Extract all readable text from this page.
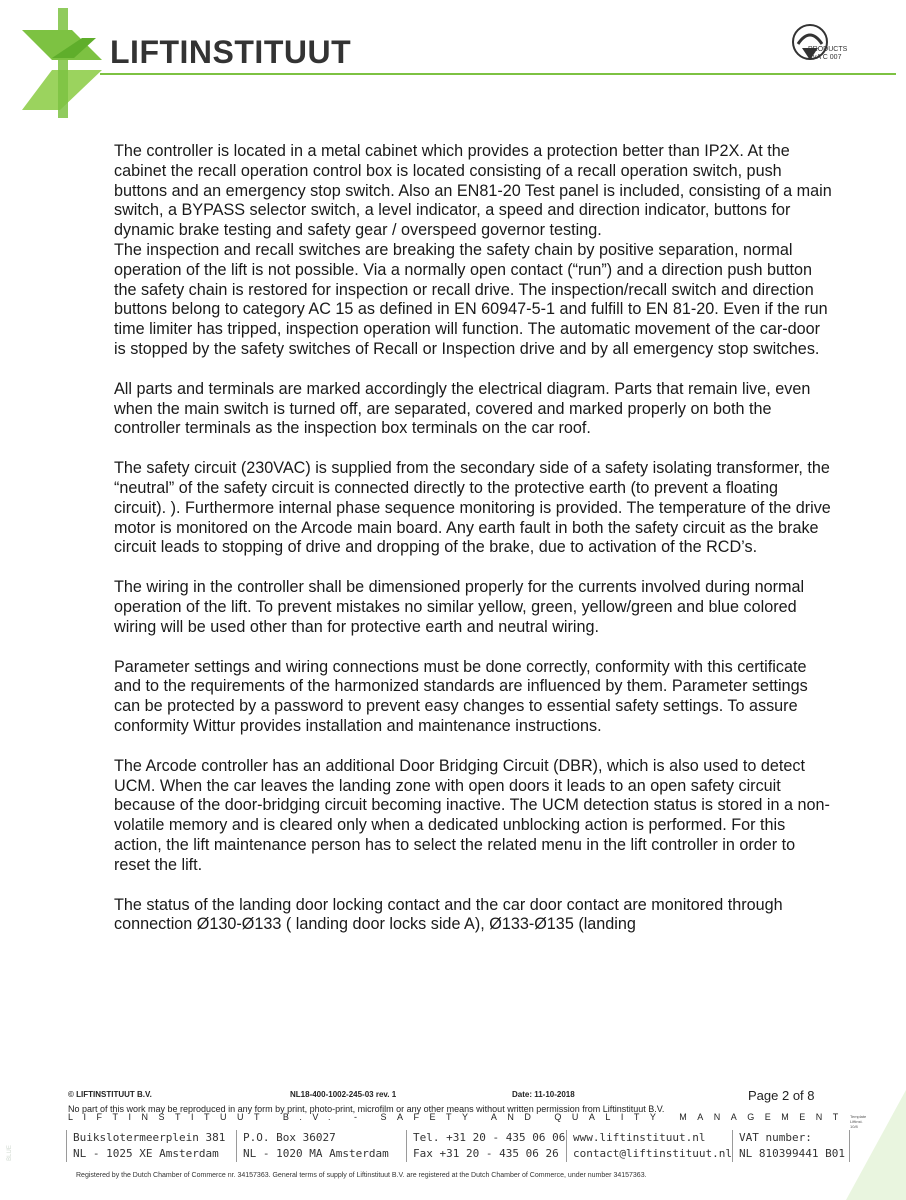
LIFTINSTITUUT	PRODUCTS
RvA C 007

The controller is located in a metal cabinet which provides a protection better than IP2X. At the cabinet the recall operation control box is located consisting of a recall operation switch, push buttons and an emergency stop switch. Also an EN81-20 Test panel is included, consisting of a main switch, a BYPASS selector switch, a level indicator, a speed and direction indicator, buttons for dynamic brake testing and safety gear / overspeed governor testing.
The inspection and recall switches are breaking the safety chain by positive separation, normal operation of the lift is not possible. Via a normally open contact (“run”) and a direction push button the safety chain is restored for inspection or recall drive. The inspection/recall switch and direction buttons belong to category AC 15 as defined in EN 60947-5-1 and fulfill to EN 81-20. Even if the run time limiter has tripped, inspection operation will function. The automatic movement of the car-door is stopped by the safety switches of Recall or Inspection drive and by all emergency stop switches.

All parts and terminals are marked accordingly the electrical diagram. Parts that remain live, even when the main switch is turned off, are separated, covered and marked properly on both the controller terminals as the inspection box terminals on the car roof.

The safety circuit (230VAC) is supplied from the secondary side of a safety isolating transformer, the “neutral” of the safety circuit is connected directly to the protective earth (to prevent a floating circuit). ). Furthermore internal phase sequence monitoring is provided. The temperature of the drive motor is monitored on the Arcode main board. Any earth fault in both the safety circuit as the brake circuit leads to stopping of drive and dropping of the brake, due to activation of the RCD’s.

The wiring in the controller shall be dimensioned properly for the currents involved during normal operation of the lift. To prevent mistakes no similar yellow, green, yellow/green and blue colored wiring will be used other than for protective earth and neutral wiring.

Parameter settings and wiring connections must be done correctly, conformity with this certificate and to the requirements of the harmonized standards are influenced by them. Parameter settings can be protected by a password to prevent easy changes to essential safety settings. To assure conformity Wittur provides installation and maintenance instructions.

The Arcode controller has an additional Door Bridging Circuit (DBR), which is also used to detect UCM. When the car leaves the landing zone with open doors it leads to an open safety circuit because of the door-bridging circuit becoming inactive. The UCM detection status is stored in a non-volatile memory and is cleared only when a dedicated unblocking action is performed. For this action, the lift maintenance person has to select the related menu in the lift controller in order to reset the lift.

The status of the landing door locking contact and the car door contact are monitored through connection Ø130-Ø133 ( landing door locks side A), Ø133-Ø135 (landing

© LIFTINSTITUUT B.V.	NL18-400-1002-245-03 rev. 1	Date: 11-10-2018	Page 2 of 8
No part of this work may be reproduced in any form by print, photo-print, microfilm or any other means without written permission from Liftinstituut B.V.
LIFTINSTITUUT B.V. - SAFETY AND QUALITY MANAGEMENT Template Liftinst. 10/8
Buikslotermeerplein 381
NL - 1025 XE Amsterdam
P.O. Box 36027
NL - 1020 MA Amsterdam
Tel. +31 20 - 435 06 06
Fax +31 20 - 435 06 26
www.liftinstituut.nl
contact@liftinstituut.nl
VAT number:
NL 810399441 B01
Registered by the Dutch Chamber of Commerce nr. 34157363. General terms of supply of Liftinstituut B.V. are registered at the Dutch Chamber of Commerce, under number 34157363.
BLUE
